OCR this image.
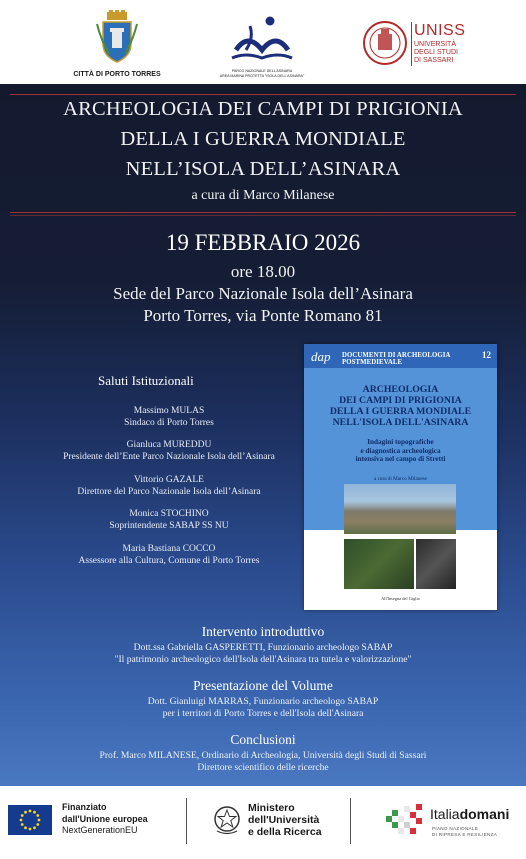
CITTÀ DI PORTO TORRES	PARCO NAZIONALE DELL'ASINARA
AREA MARINA PROTETTA "ISOLA DELL'ASINARA"
UNISS
UNIVERSITÀ
DEGLI STUDI
DI SASSARI
ARCHEOLOGIA DEI CAMPI DI PRIGIONIA
DELLA I GUERRA MONDIALE
NELL’ISOLA DELL’ASINARA
a cura di Marco Milanese
19 FEBBRAIO 2026
ore 18.00
Sede del Parco Nazionale Isola dell’Asinara
Porto Torres, via Ponte Romano 81
Saluti Istituzionali
Massimo MULAS
Sindaco di Porto Torres
Gianluca MUREDDU
Presidente dell’Ente Parco Nazionale Isola dell’Asinara
Vittorio GAZALE
Direttore del Parco Nazionale Isola dell’Asinara
Monica STOCHINO
Soprintendente SABAP SS NU
Maria Bastiana COCCO
Assessore alla Cultura, Comune di Porto Torres
Intervento introduttivo
Dott.ssa Gabriella GASPERETTI, Funzionario archeologo SABAP
"Il patrimonio archeologico dell'Isola dell'Asinara tra tutela e valorizzazione"
Presentazione del Volume
Dott. Gianluigi MARRAS, Funzionario archeologo SABAP
per i territori di Porto Torres e dell'Isola dell'Asinara
Conclusioni
Prof. Marco MILANESE, Ordinario di Archeologia, Università degli Studi di Sassari
Direttore scientifico delle ricerche
dap DOCUMENTI DI ARCHEOLOGIA POSTMEDIEVALE
12
ARCHEOLOGIA
DEI CAMPI DI PRIGIONIA
DELLA I GUERRA MONDIALE
NELL'ISOLA DELL'ASINARA
Indagini topografiche
e diagnostica archeologica
intensiva nel campo di Stretti
a cura di Marco Milanese
All'Insegna del Giglio
Finanziato
dall'Unione europea
NextGenerationEU
Ministero
dell'Università
e della Ricerca
Italiadomani
PIANO NAZIONALE
DI RIPRESA E RESILIENZA
